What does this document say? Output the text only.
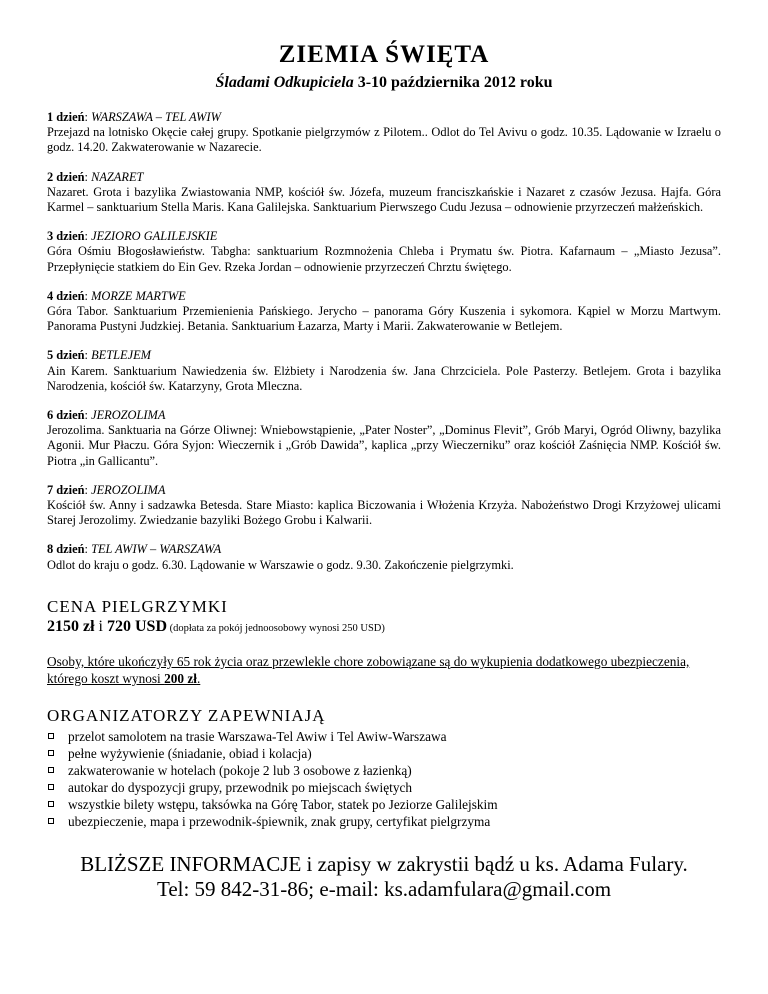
ZIEMIA ŚWIĘTA
Śladami Odkupiciela 3-10 października 2012 roku
1 dzień: WARSZAWA – TEL AWIW
Przejazd na lotnisko Okęcie całej grupy. Spotkanie pielgrzymów z Pilotem.. Odlot do Tel Avivu o godz. 10.35. Lądowanie w Izraelu o godz. 14.20. Zakwaterowanie w Nazarecie.
2 dzień: NAZARET
Nazaret. Grota i bazylika Zwiastowania NMP, kościół św. Józefa, muzeum franciszkańskie i Nazaret z czasów Jezusa. Hajfa. Góra Karmel – sanktuarium Stella Maris. Kana Galilejska. Sanktuarium Pierwszego Cudu Jezusa – odnowienie przyrzeczeń małżeńskich.
3 dzień: JEZIORO GALILEJSKIE
Góra Ośmiu Błogosławieństw. Tabgha: sanktuarium Rozmnożenia Chleba i Prymatu św. Piotra. Kafarnaum – „Miasto Jezusa”. Przepłynięcie statkiem do Ein Gev. Rzeka Jordan – odnowienie przyrzeczeń Chrztu świętego.
4 dzień: MORZE MARTWE
Góra Tabor. Sanktuarium Przemienienia Pańskiego. Jerycho – panorama Góry Kuszenia i sykomora. Kąpiel w Morzu Martwym. Panorama Pustyni Judzkiej. Betania. Sanktuarium Łazarza, Marty i Marii. Zakwaterowanie w Betlejem.
5 dzień: BETLEJEM
Ain Karem. Sanktuarium Nawiedzenia św. Elżbiety i Narodzenia św. Jana Chrzciciela. Pole Pasterzy. Betlejem. Grota i bazylika Narodzenia, kościół św. Katarzyny, Grota Mleczna.
6 dzień: JEROZOLIMA
Jerozolima. Sanktuaria na Górze Oliwnej: Wniebowstąpienie, „Pater Noster”, „Dominus Flevit”, Grób Maryi, Ogród Oliwny, bazylika Agonii. Mur Płaczu. Góra Syjon: Wieczernik i „Grób Dawida”, kaplica „przy Wieczerniku” oraz kościół Zaśnięcia NMP. Kościół św. Piotra „in Gallicantu”.
7 dzień: JEROZOLIMA
Kościół św. Anny i sadzawka Betesda. Stare Miasto: kaplica Biczowania i Włożenia Krzyża. Nabożeństwo Drogi Krzyżowej ulicami Starej Jerozolimy. Zwiedzanie bazyliki Bożego Grobu i Kalwarii.
8 dzień: TEL AWIW – WARSZAWA
Odlot do kraju o godz. 6.30. Lądowanie w Warszawie o godz. 9.30. Zakończenie pielgrzymki.
CENA PIELGRZYMKI
2150 zł i 720 USD (dopłata za pokój jednoosobowy wynosi 250 USD)
Osoby, które ukończyły 65 rok życia oraz przewlekle chore zobowiązane są do wykupienia dodatkowego ubezpieczenia, którego koszt wynosi 200 zł.
ORGANIZATORZY ZAPEWNIAJĄ
przelot samolotem na trasie Warszawa-Tel Awiw i Tel Awiw-Warszawa
pełne wyżywienie (śniadanie, obiad i kolacja)
zakwaterowanie w hotelach (pokoje 2 lub 3 osobowe z łazienką)
autokar do dyspozycji grupy, przewodnik po miejscach świętych
wszystkie bilety wstępu, taksówka na Górę Tabor, statek po Jeziorze Galilejskim
ubezpieczenie, mapa i przewodnik-śpiewnik, znak grupy, certyfikat pielgrzyma
BLIŻSZE INFORMACJE i zapisy w zakrystii bądź u ks. Adama Fulary.
Tel: 59 842-31-86; e-mail: ks.adamfulara@gmail.com
